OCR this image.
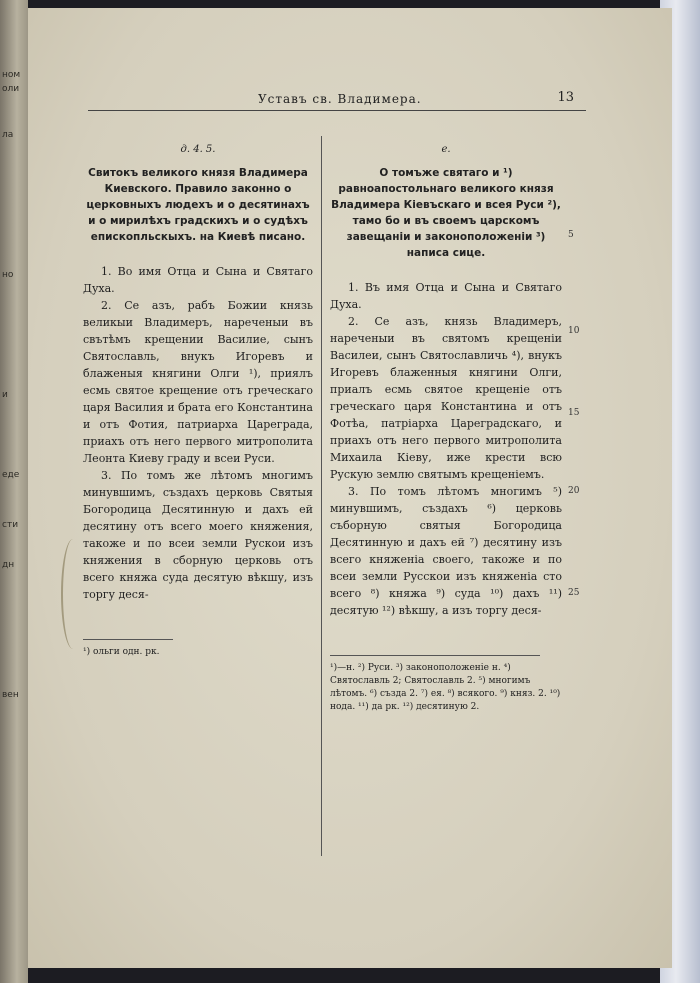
ном
оли
ла
но
и
еде
сти
дн
вен
Уставъ св. Владимера.	13
д. 4. 5.
Свитокъ великого князя Владимера Киевского. Правило законно о церковныхъ людехъ и о десятинахъ и о мирилѣхъ градскихъ и о судѣхъ епископльскыхъ. на Киевѣ писано.

1. Во имя Отца и Сына и Святаго Духа.

2. Се азъ, рабъ Божии князь великыи Владимеръ, нареченыи въ свътѣмъ крещении Василие, сынъ Святославль, внукъ Игоревъ и блаженыя княгини Олги ¹), приялъ есмь святое крещение отъ греческаго царя Василия и брата его Константина и отъ Фотия, патриарха Цареграда, приахъ отъ него первого митрополита Леонта Киеву граду и всеи Руси.

3. По томъ же лѣтомъ многимъ минувшимъ, създахъ церковь Святыя Богородица Десятинную и дахъ ей десятину отъ всего моего княжения, такоже и по всеи земли Рускои изъ княжения в сборную церковь отъ всего княжа суда десятую вѣкшу, изъ торгу деся-

¹) ольги одн. рк.
е.
О томъже святаго и ¹) равноапостольнаго великого князя Владимера Кіевъскаго и всея Руси ²), тамо бо и въ своемъ царскомъ завещаніи и законоположеніи ³) написа сице.

1. Въ имя Отца и Сына и Святаго Духа.

2. Се азъ, князь Владимеръ, нареченыи въ святомъ крещеніи Василеи, сынъ Святославличь ⁴), внукъ Игоревъ блаженныя княгини Олги, приалъ есмь святое крещеніе отъ греческаго царя Константина и отъ Фотѣа, патріарха Цареградскаго, и приахъ отъ него первого митрополита Михаила Кіеву, иже крести всю Рускую землю святымъ крещеніемъ.

3. По томъ лѣтомъ многимъ ⁵) минувшимъ, създахъ ⁶) церковь съборную святыя Богородица Десятинную и дахъ ей ⁷) десятину изъ всего княженіа своего, такоже и по всеи земли Русскои изъ княженіа сто всего ⁸) княжа ⁹) суда ¹⁰) дахъ ¹¹) десятую ¹²) вѣкшу, а изъ торгу деся-

¹)—н. ²) Руси. ³) законоположеніе н. ⁴) Святославль 2; Святославль 2. ⁵) многимъ лѣтомъ. ⁶) създа 2. ⁷) ея. ⁸) всякого. ⁹) княз. 2. ¹⁰) нода. ¹¹) да рк. ¹²) десятиную 2.
5
10
15
20
25
